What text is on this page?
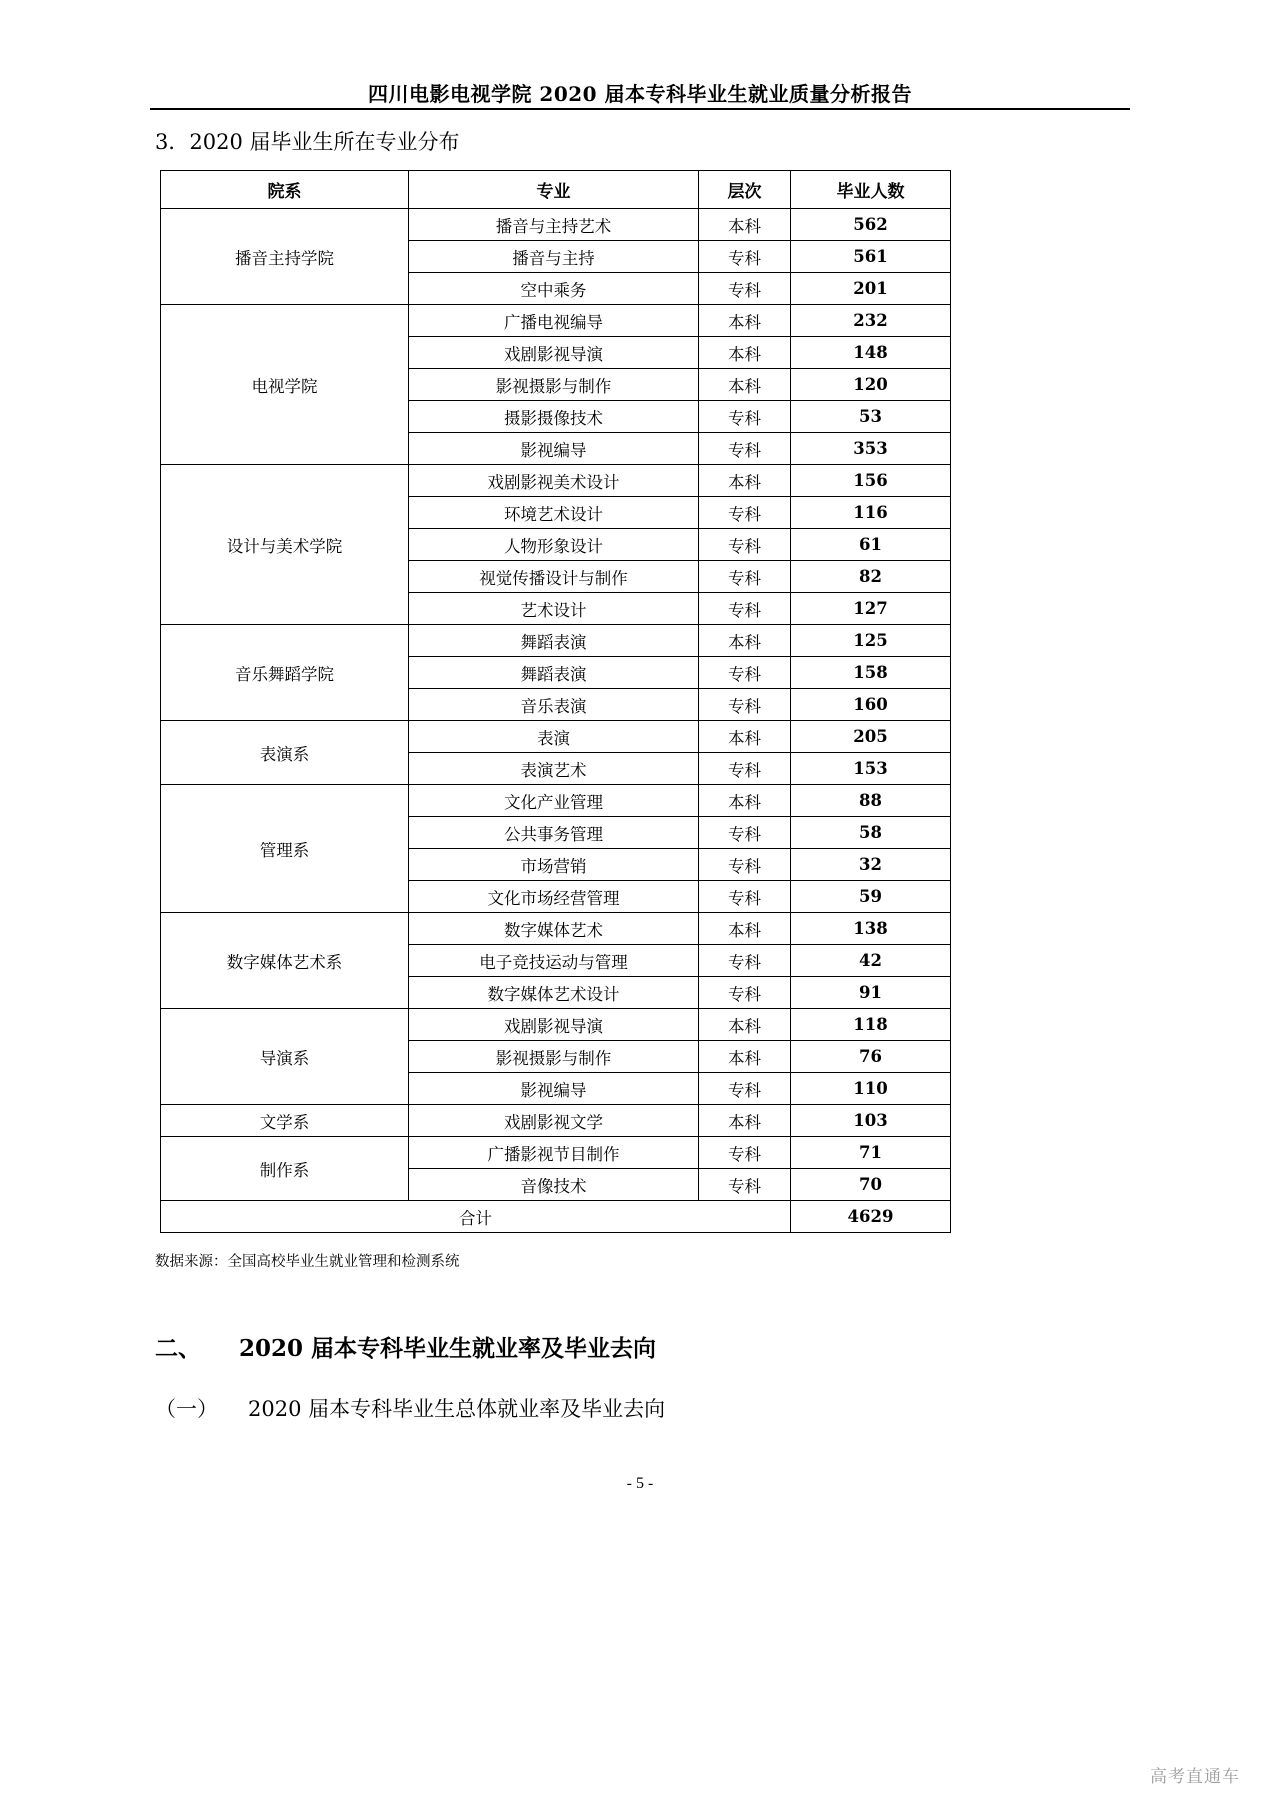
四川电影电视学院 2020 届本专科毕业生就业质量分析报告
3．2020 届毕业生所在专业分布
院系	专业	层次	毕业人数
播音主持学院	播音与主持艺术	本科	562
	播音与主持	专科	561
	空中乘务	专科	201
电视学院	广播电视编导	本科	232
	戏剧影视导演	本科	148
	影视摄影与制作	本科	120
	摄影摄像技术	专科	53
	影视编导	专科	353
设计与美术学院	戏剧影视美术设计	本科	156
	环境艺术设计	专科	116
	人物形象设计	专科	61
	视觉传播设计与制作	专科	82
	艺术设计	专科	127
音乐舞蹈学院	舞蹈表演	本科	125
	舞蹈表演	专科	158
	音乐表演	专科	160
表演系	表演	本科	205
	表演艺术	专科	153
管理系	文化产业管理	本科	88
	公共事务管理	专科	58
	市场营销	专科	32
	文化市场经营管理	专科	59
数字媒体艺术系	数字媒体艺术	本科	138
	电子竞技运动与管理	专科	42
	数字媒体艺术设计	专科	91
导演系	戏剧影视导演	本科	118
	影视摄影与制作	本科	76
	影视编导	专科	110
文学系	戏剧影视文学	本科	103
制作系	广播影视节目制作	专科	71
	音像技术	专科	70
合计			4629
数据来源：全国高校毕业生就业管理和检测系统
二、 2020 届本专科毕业生就业率及毕业去向
（一） 2020 届本专科毕业生总体就业率及毕业去向
- 5 -
高考直通车
